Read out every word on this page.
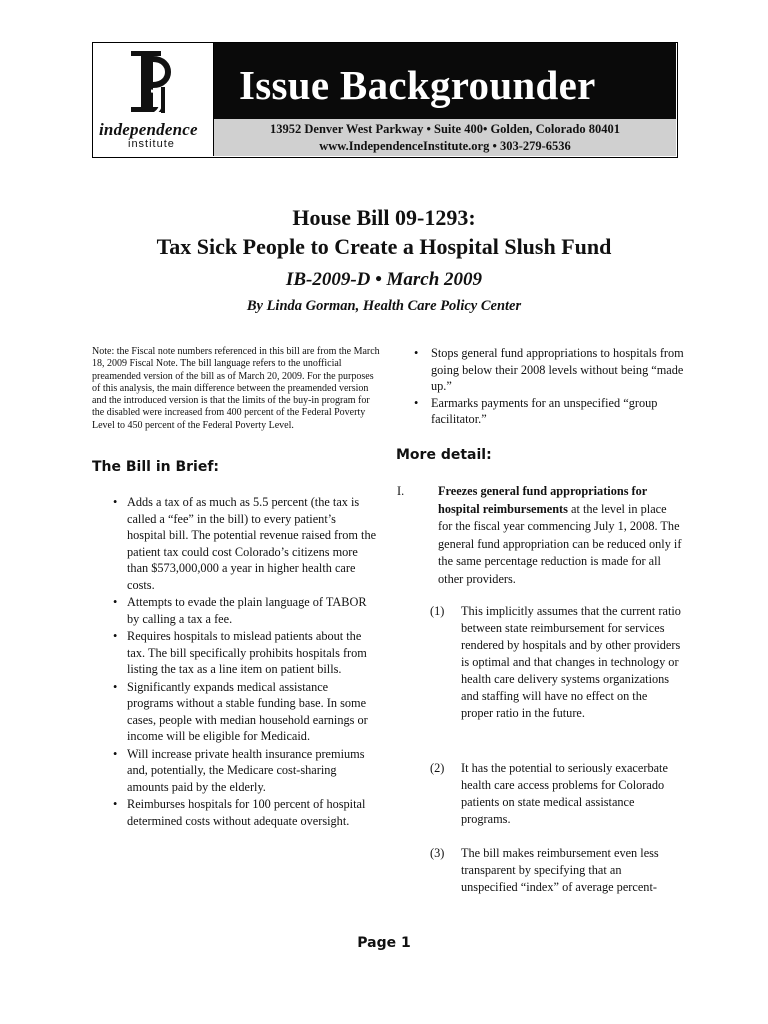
independence
institute
Issue Backgrounder
13952 Denver West Parkway • Suite 400• Golden, Colorado 80401
www.IndependenceInstitute.org • 303-279-6536
House Bill 09-1293:
Tax Sick People to Create a Hospital Slush Fund
IB-2009-D • March 2009
By Linda Gorman, Health Care Policy Center
Note: the Fiscal note numbers referenced in this bill are from the March 18, 2009 Fiscal Note. The bill language refers to the unofficial preamended version of the bill as of March 20, 2009. For the purposes of this analysis, the main difference between the preamended version and the introduced version is that the limits of the buy-in program for the disabled were increased from 400 percent of the Federal Poverty Level to 450 percent of the Federal Poverty Level.
The Bill in Brief:
• Adds a tax of as much as 5.5 percent (the tax is called a “fee” in the bill) to every patient’s hospital bill. The potential revenue raised from the patient tax could cost Colorado’s citizens more than $573,000,000 a year in higher health care costs.
• Attempts to evade the plain language of TABOR by calling a tax a fee.
• Requires hospitals to mislead patients about the tax. The bill specifically prohibits hospitals from listing the tax as a line item on patient bills.
• Significantly expands medical assistance programs without a stable funding base. In some cases, people with median household earnings or income will be eligible for Medicaid.
• Will increase private health insurance premiums and, potentially, the Medicare cost-sharing amounts paid by the elderly.
• Reimburses hospitals for 100 percent of hospital determined costs without adequate oversight.
• Stops general fund appropriations to hospitals from going below their 2008 levels without being “made up.”
• Earmarks payments for an unspecified “group facilitator.”
More detail:
I.	Freezes general fund appropriations for hospital reimbursements at the level in place for the fiscal year commencing July 1, 2008. The general fund appropriation can be reduced only if the same percentage reduction is made for all other providers.
(1) This implicitly assumes that the current ratio between state reimbursement for services rendered by hospitals and by other providers is optimal and that changes in technology or health care delivery systems organizations and staffing will have no effect on the proper ratio in the future.
(2) It has the potential to seriously exacerbate health care access problems for Colorado patients on state medical assistance programs.
(3) The bill makes reimbursement even less transparent by specifying that an unspecified “index” of average percent-
Page 1
